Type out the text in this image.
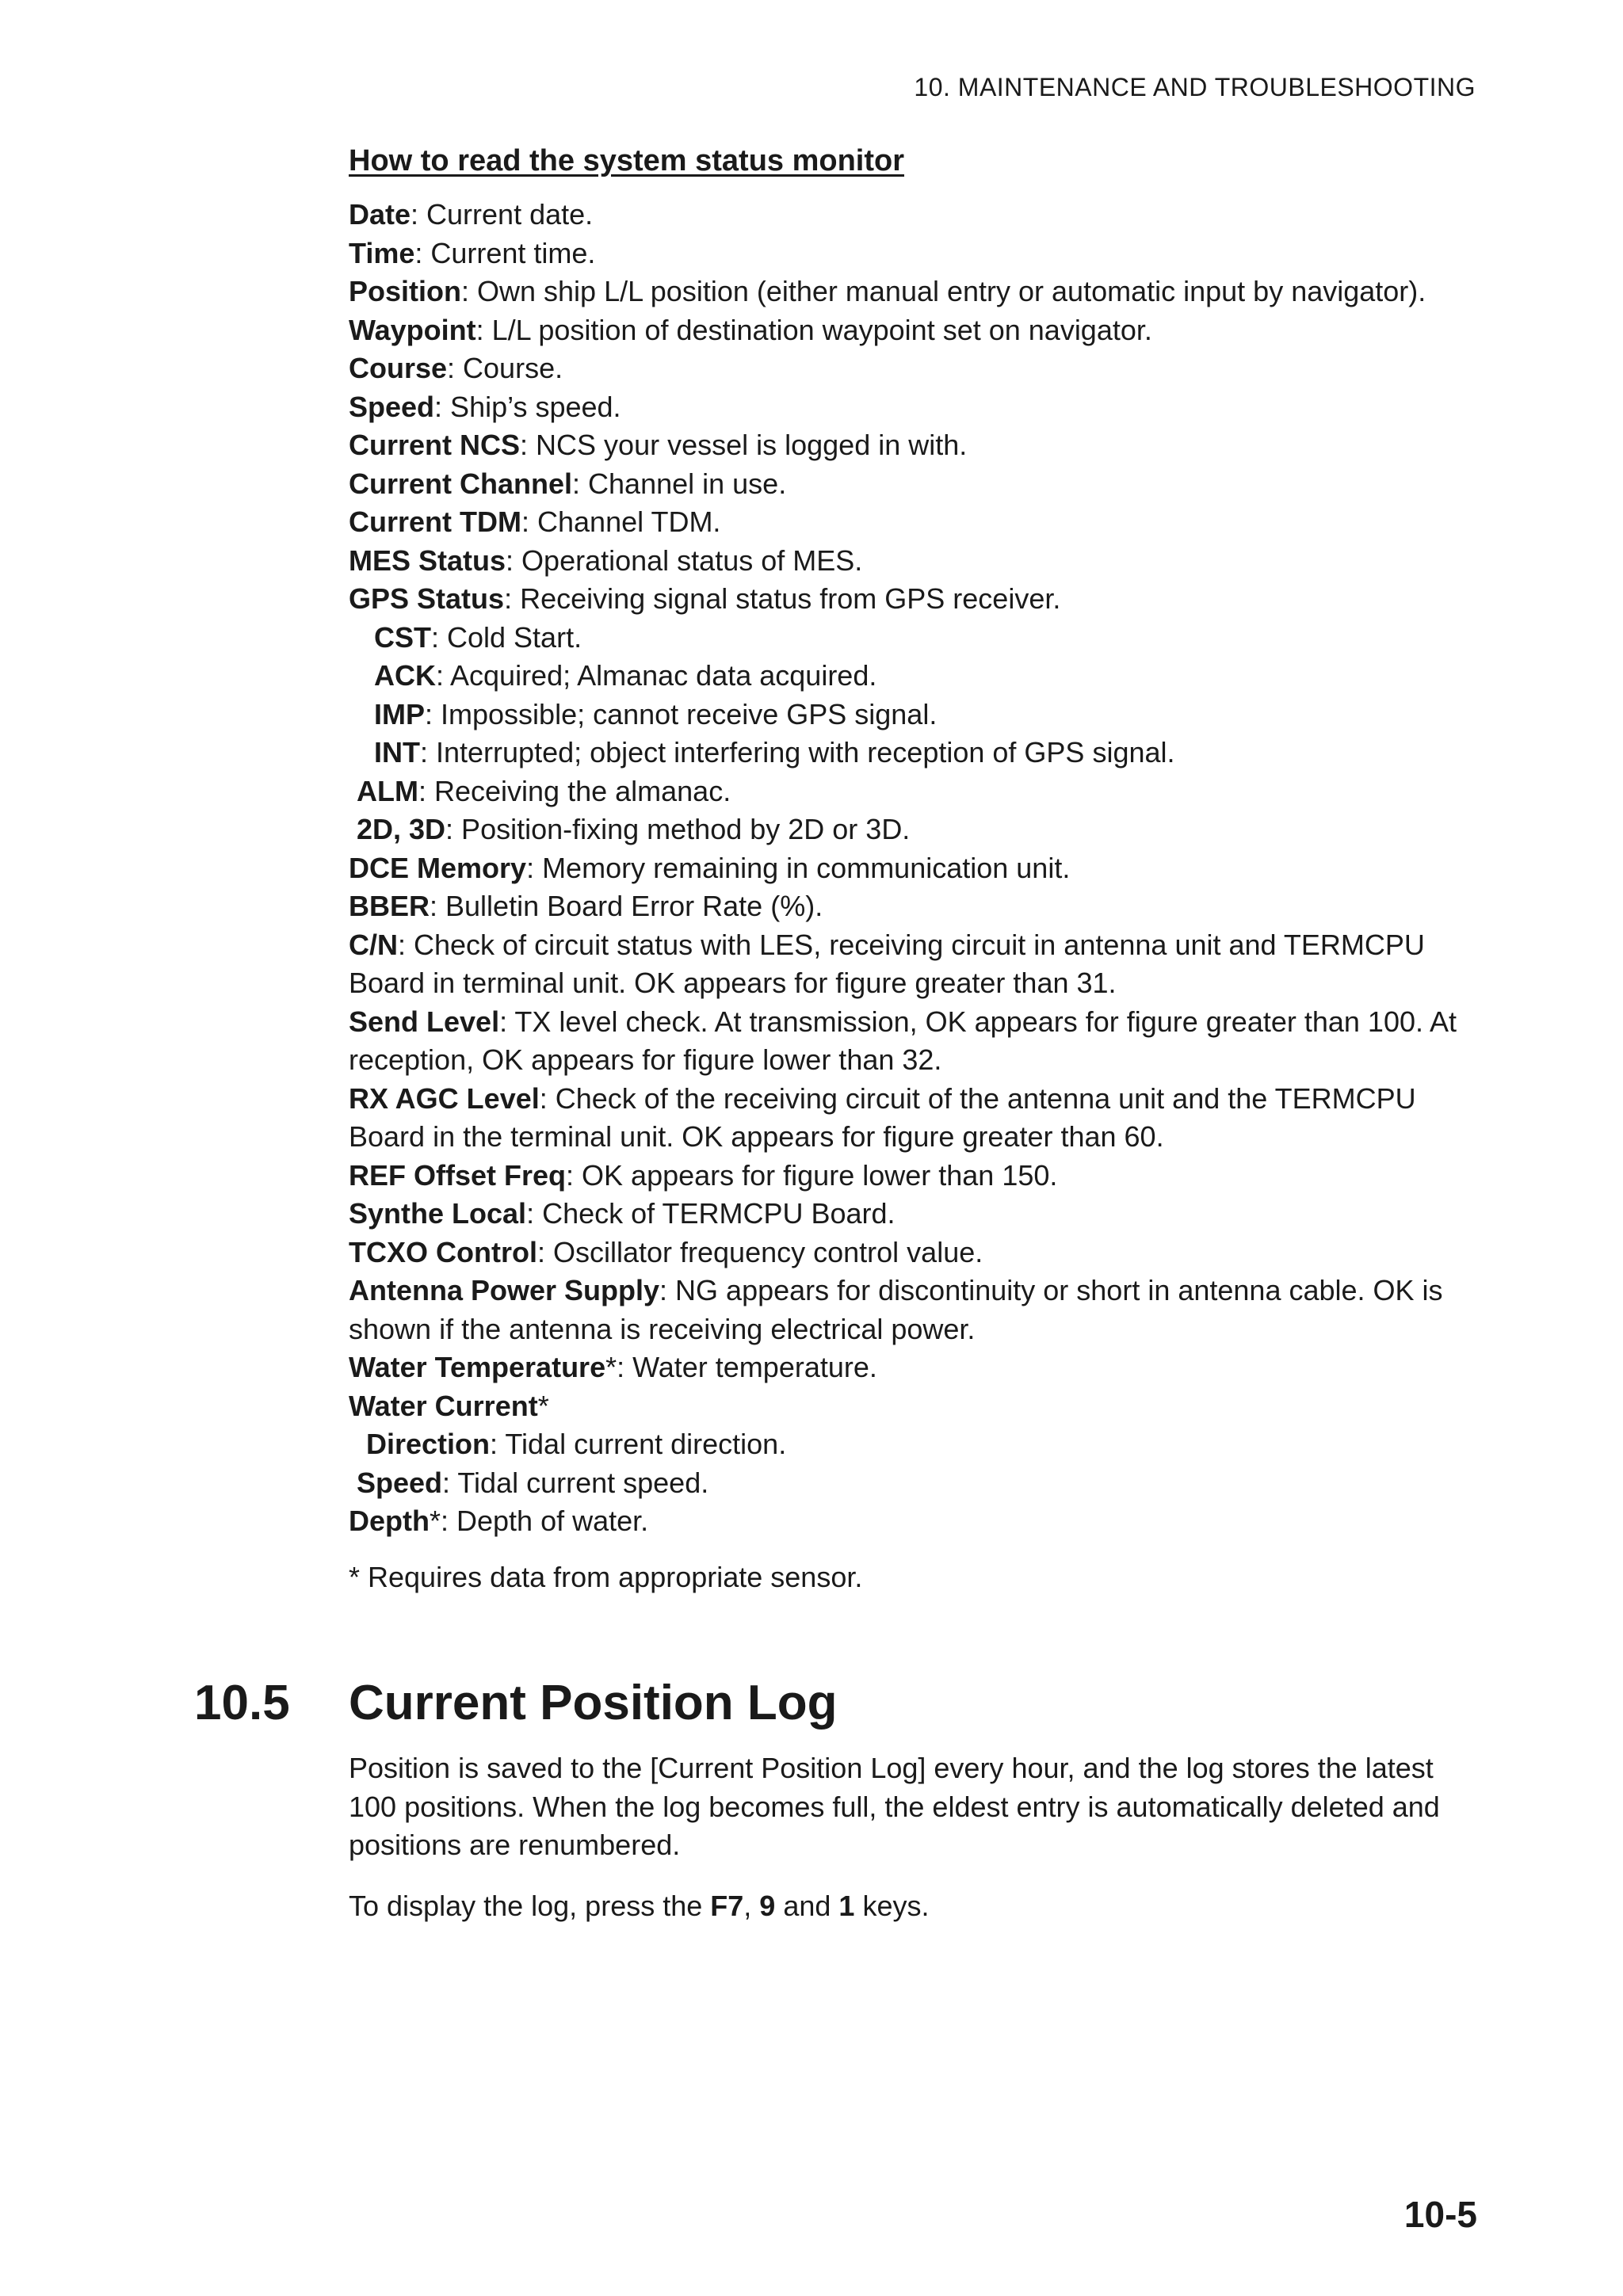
10. MAINTENANCE AND TROUBLESHOOTING
How to read the system status monitor

Date: Current date.

Time: Current time.

Position: Own ship L/L position (either manual entry or automatic input by navigator).

Waypoint: L/L position of destination waypoint set on navigator.

Course: Course.

Speed: Ship’s speed.

Current NCS: NCS your vessel is logged in with.

Current Channel: Channel in use.

Current TDM: Channel TDM.

MES Status: Operational status of MES.

GPS Status: Receiving signal status from GPS receiver.

CST: Cold Start.

ACK: Acquired; Almanac data acquired.

IMP: Impossible; cannot receive GPS signal.

INT: Interrupted; object interfering with reception of GPS signal.

ALM: Receiving the almanac.

2D, 3D: Position-fixing method by 2D or 3D.

DCE Memory: Memory remaining in communication unit.

BBER: Bulletin Board Error Rate (%).

C/N: Check of circuit status with LES, receiving circuit in antenna unit and TERMCPU Board in terminal unit. OK appears for figure greater than 31.

Send Level: TX level check. At transmission, OK appears for figure greater than 100. At reception, OK appears for figure lower than 32.

RX AGC Level: Check of the receiving circuit of the antenna unit and the TERMCPU Board in the terminal unit. OK appears for figure greater than 60.

REF Offset Freq: OK appears for figure lower than 150.

Synthe Local: Check of TERMCPU Board.

TCXO Control: Oscillator frequency control value.

Antenna Power Supply: NG appears for discontinuity or short in antenna cable. OK is shown if the antenna is receiving electrical power.

Water Temperature*: Water temperature.

Water Current*

Direction: Tidal current direction.

Speed: Tidal current speed.

Depth*: Depth of water.

* Requires data from appropriate sensor.
10.5	Current Position Log

Position is saved to the [Current Position Log] every hour, and the log stores the latest 100 positions. When the log becomes full, the eldest entry is automatically deleted and positions are renumbered.

To display the log, press the F7, 9 and 1 keys.

10-5
